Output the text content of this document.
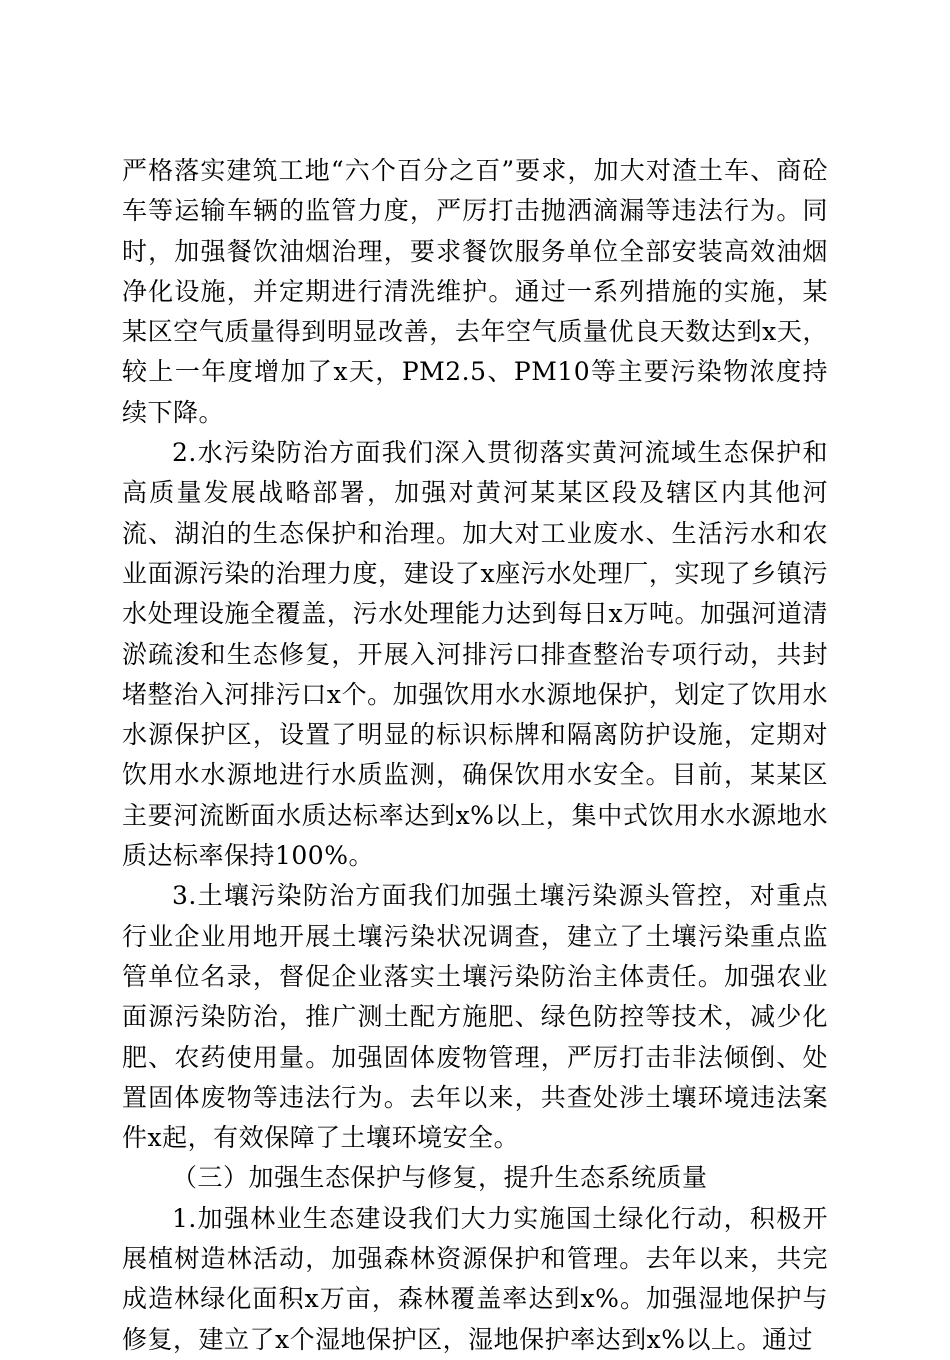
严格落实建筑工地“六个百分之百”要求，加大对渣土车、商砼车等运输车辆的监管力度，严厉打击抛洒滴漏等违法行为。同时，加强餐饮油烟治理，要求餐饮服务单位全部安装高效油烟净化设施，并定期进行清洗维护。通过一系列措施的实施，某某区空气质量得到明显改善，去年空气质量优良天数达到x天，较上一年度增加了x天，PM2.5、PM10等主要污染物浓度持续下降。

2.水污染防治方面我们深入贯彻落实黄河流域生态保护和高质量发展战略部署，加强对黄河某某区段及辖区内其他河流、湖泊的生态保护和治理。加大对工业废水、生活污水和农业面源污染的治理力度，建设了x座污水处理厂，实现了乡镇污水处理设施全覆盖，污水处理能力达到每日x万吨。加强河道清淤疏浚和生态修复，开展入河排污口排查整治专项行动，共封堵整治入河排污口x个。加强饮用水水源地保护，划定了饮用水水源保护区，设置了明显的标识标牌和隔离防护设施，定期对饮用水水源地进行水质监测，确保饮用水安全。目前，某某区主要河流断面水质达标率达到x%以上，集中式饮用水水源地水质达标率保持100%。

3.土壤污染防治方面我们加强土壤污染源头管控，对重点行业企业用地开展土壤污染状况调查，建立了土壤污染重点监管单位名录，督促企业落实土壤污染防治主体责任。加强农业面源污染防治，推广测土配方施肥、绿色防控等技术，减少化肥、农药使用量。加强固体废物管理，严厉打击非法倾倒、处置固体废物等违法行为。去年以来，共查处涉土壤环境违法案件x起，有效保障了土壤环境安全。

（三）加强生态保护与修复，提升生态系统质量

1.加强林业生态建设我们大力实施国土绿化行动，积极开展植树造林活动，加强森林资源保护和管理。去年以来，共完成造林绿化面积x万亩，森林覆盖率达到x%。加强湿地保护与修复，建立了x个湿地保护区，湿地保护率达到x%以上。通过
